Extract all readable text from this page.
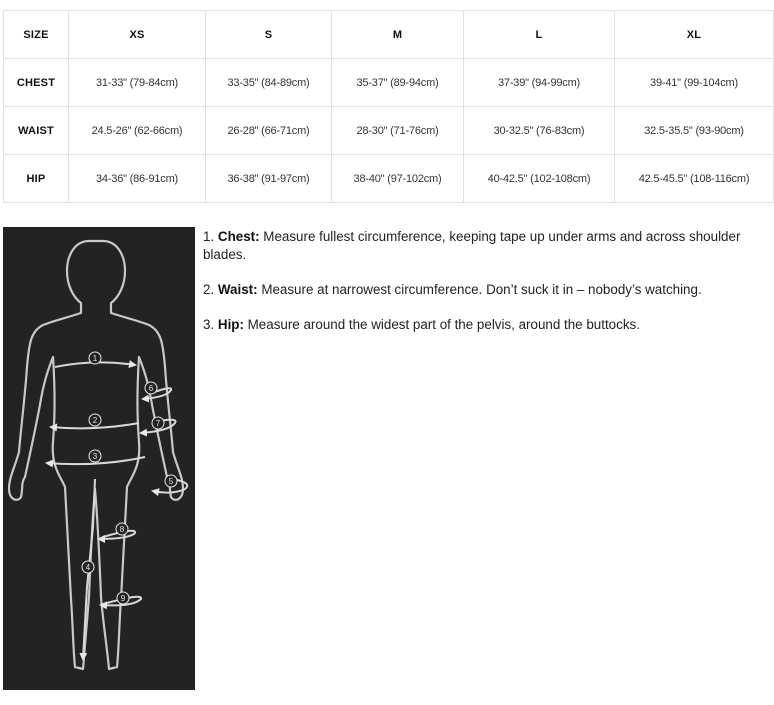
SIZE	XS	S	M	L	XL
CHEST	31-33" (79-84cm)	33-35" (84-89cm)	35-37" (89-94cm)	37-39" (94-99cm)	39-41" (99-104cm)
WAIST	24.5-26" (62-66cm)	26-28" (66-71cm)	28-30" (71-76cm)	30-32.5" (76-83cm)	32.5-35.5" (93-90cm)
HIP	34-36" (86-91cm)	36-38" (91-97cm)	38-40" (97-102cm)	40-42.5" (102-108cm)	42.5-45.5" (108-116cm)
1
6
2	7
3
5
8
4
9

1. Chest: Measure fullest circumference, keeping tape up under arms and across shoulder blades.

2. Waist: Measure at narrowest circumference. Don’t suck it in – nobody’s watching.

3. Hip: Measure around the widest part of the pelvis, around the buttocks.
